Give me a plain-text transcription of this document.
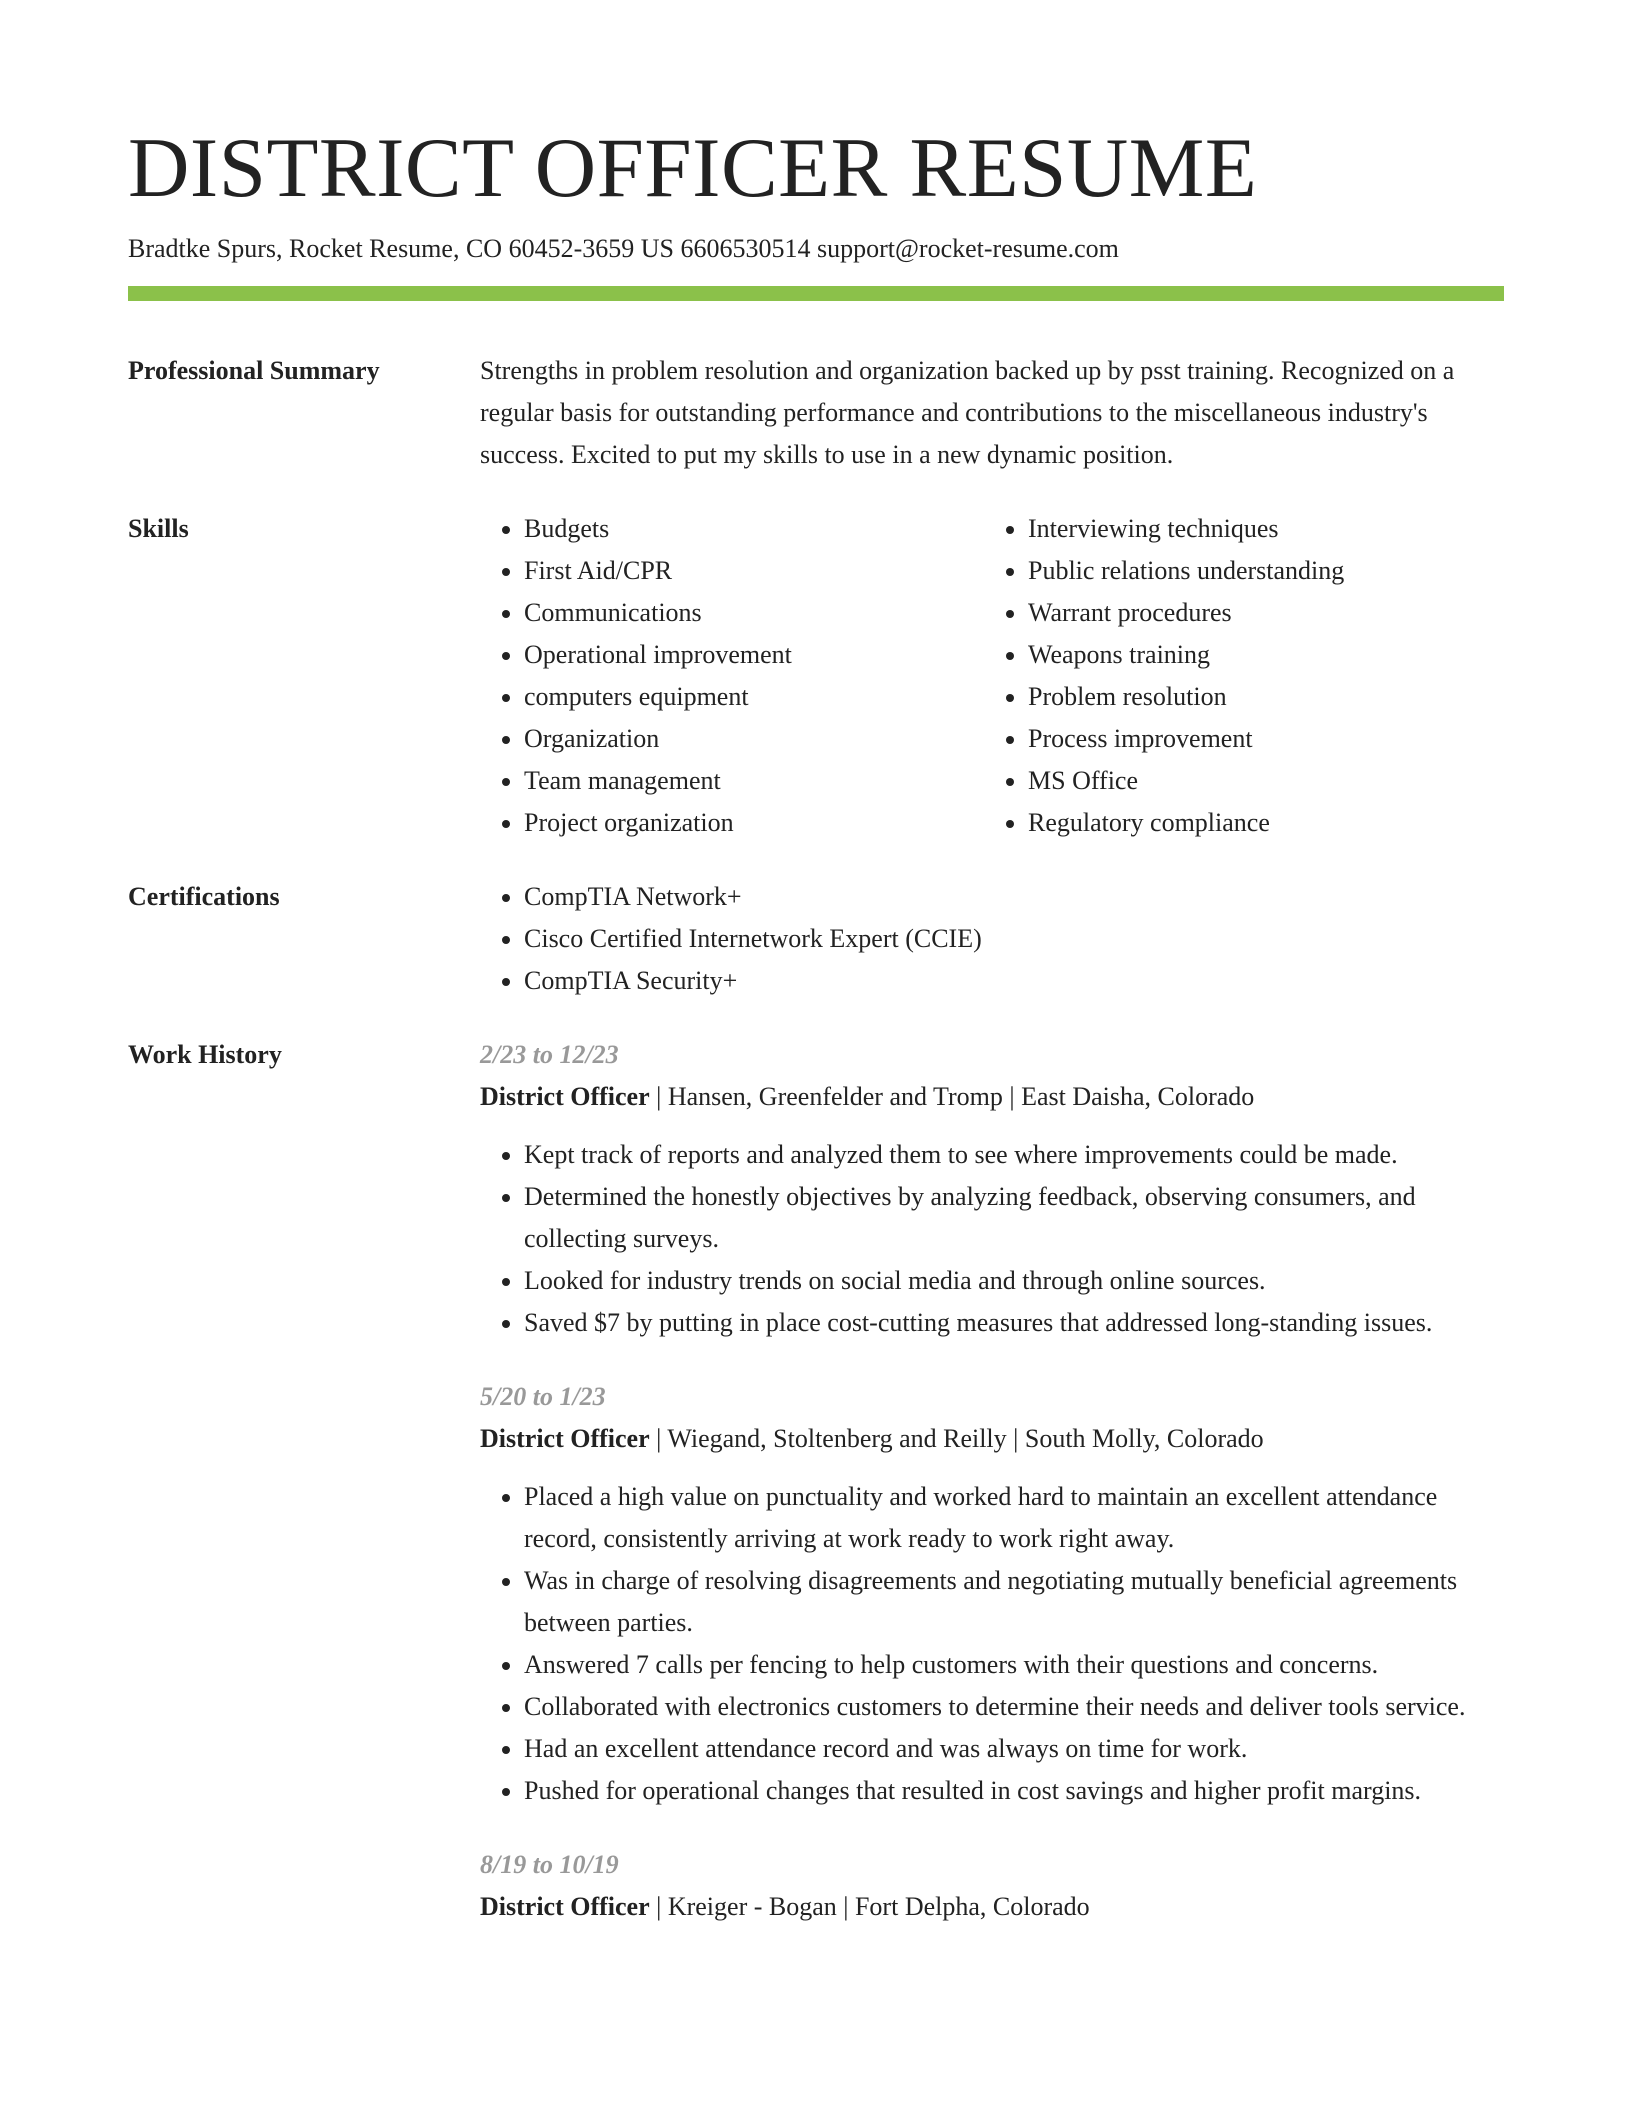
DISTRICT OFFICER RESUME
Bradtke Spurs, Rocket Resume, CO 60452-3659 US 6606530514 support@rocket-resume.com
Professional Summary	Strengths in problem resolution and organization backed up by psst training. Recognized on a regular basis for outstanding performance and contributions to the miscellaneous industry's success. Excited to put my skills to use in a new dynamic position.

Skills	• Budgets
• First Aid/CPR
• Communications
• Operational improvement
• computers equipment
• Organization
• Team management
• Project organization
• Interviewing techniques
• Public relations understanding
• Warrant procedures
• Weapons training
• Problem resolution
• Process improvement
• MS Office
• Regulatory compliance
Certifications	• CompTIA Network+
• Cisco Certified Internetwork Expert (CCIE)
• CompTIA Security+
Work History	2/23 to 12/23
District Officer | Hansen, Greenfelder and Tromp | East Daisha, Colorado
• Kept track of reports and analyzed them to see where improvements could be made.
• Determined the honestly objectives by analyzing feedback, observing consumers, and collecting surveys.
• Looked for industry trends on social media and through online sources.
• Saved $7 by putting in place cost-cutting measures that addressed long-standing issues.
5/20 to 1/23
District Officer | Wiegand, Stoltenberg and Reilly | South Molly, Colorado
• Placed a high value on punctuality and worked hard to maintain an excellent attendance record, consistently arriving at work ready to work right away.
• Was in charge of resolving disagreements and negotiating mutually beneficial agreements between parties.
• Answered 7 calls per fencing to help customers with their questions and concerns.
• Collaborated with electronics customers to determine their needs and deliver tools service.
• Had an excellent attendance record and was always on time for work.
• Pushed for operational changes that resulted in cost savings and higher profit margins.
8/19 to 10/19
District Officer | Kreiger - Bogan | Fort Delpha, Colorado
